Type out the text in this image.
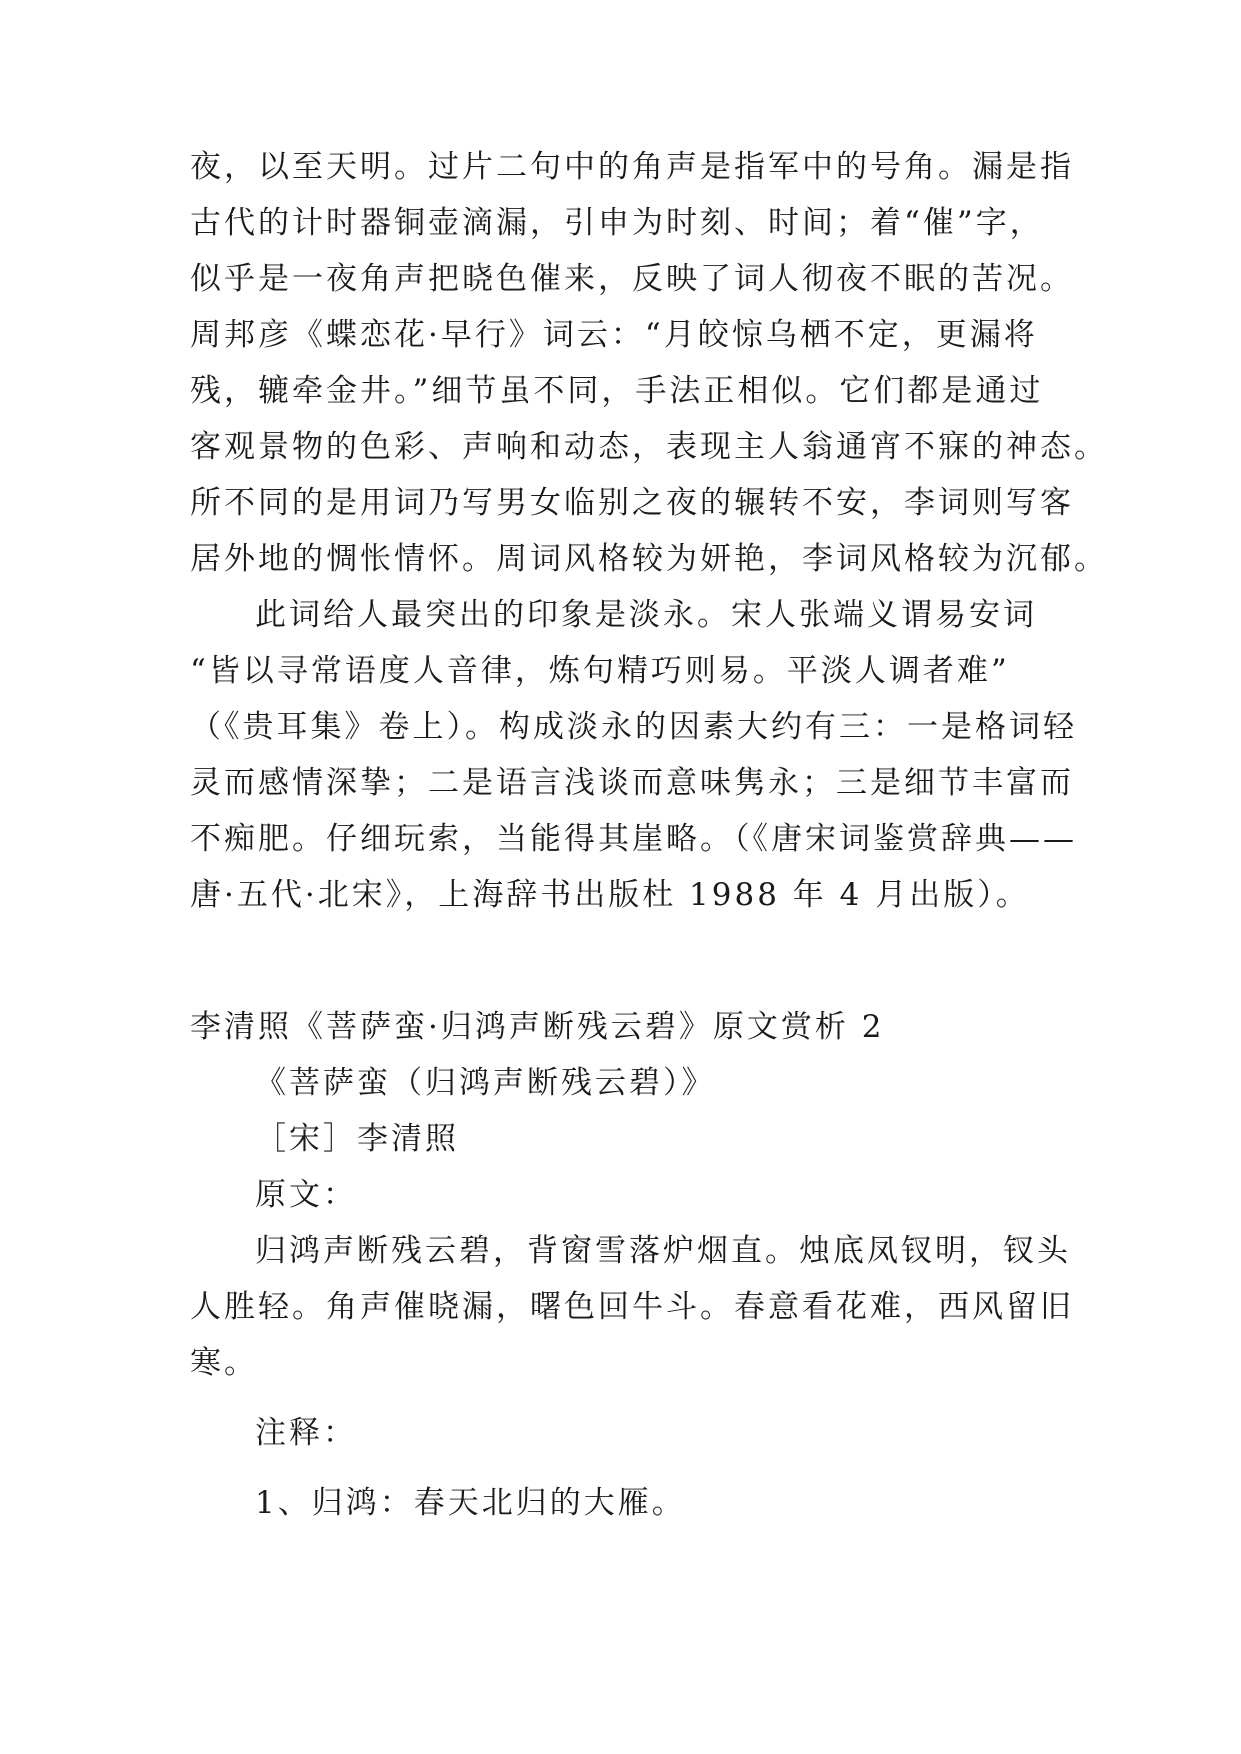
夜，以至天明。过片二句中的角声是指军中的号角。漏是指
古代的计时器铜壶滴漏，引申为时刻、时间；着“催”字，
似乎是一夜角声把晓色催来，反映了词人彻夜不眠的苦况。
周邦彦《蝶恋花·早行》词云：“月皎惊乌栖不定，更漏将
残，辘牵金井。”细节虽不同，手法正相似。它们都是通过
客观景物的色彩、声响和动态，表现主人翁通宵不寐的神态。
所不同的是用词乃写男女临别之夜的辗转不安，李词则写客
居外地的惆怅情怀。周词风格较为妍艳，李词风格较为沉郁。
此词给人最突出的印象是淡永。宋人张端义谓易安词
“皆以寻常语度人音律，炼句精巧则易。平淡人调者难”
（《贵耳集》卷上）。构成淡永的因素大约有三：一是格词轻
灵而感情深挚；二是语言浅谈而意味隽永；三是细节丰富而
不痴肥。仔细玩索，当能得其崖略。（《唐宋词鉴赏辞典——
唐·五代·北宋》，上海辞书出版杜 1988 年 4 月出版）。
李清照《菩萨蛮·归鸿声断残云碧》原文赏析 2
《菩萨蛮（归鸿声断残云碧）》
［宋］李清照
原文：
归鸿声断残云碧，背窗雪落炉烟直。烛底凤钗明，钗头
人胜轻。角声催晓漏，曙色回牛斗。春意看花难，西风留旧
寒。
注释：
1、归鸿：春天北归的大雁。
